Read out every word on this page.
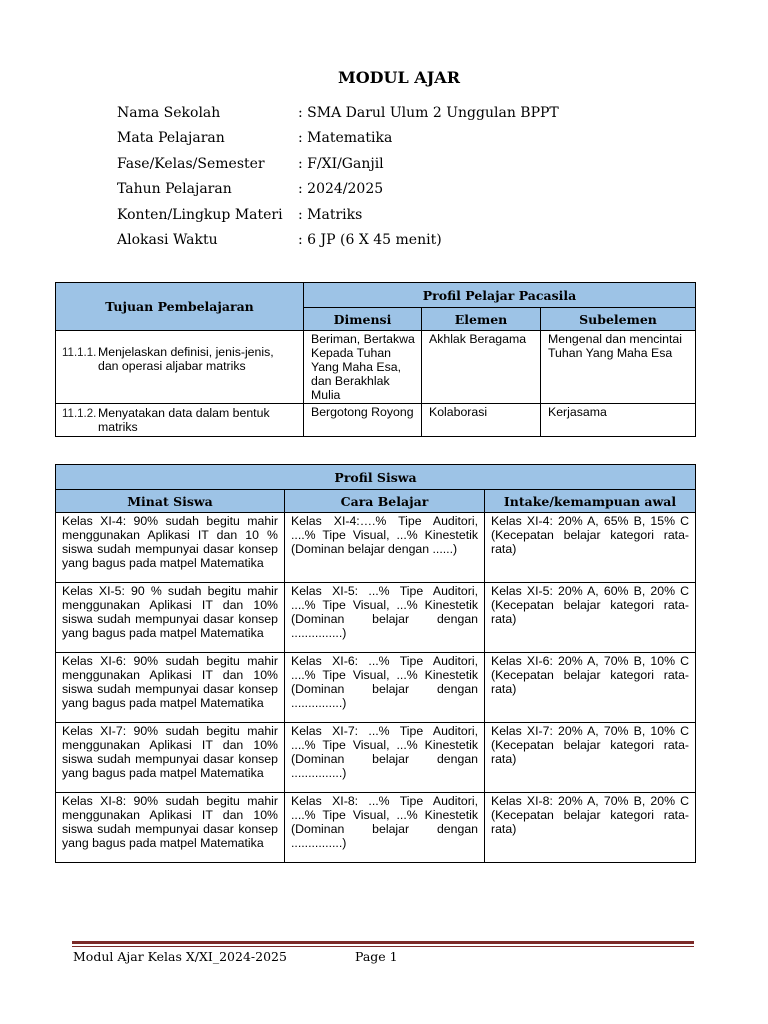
MODUL AJAR
Nama Sekolah	: SMA Darul Ulum 2 Unggulan BPPT
Mata Pelajaran	: Matematika
Fase/Kelas/Semester	: F/XI/Ganjil
Tahun Pelajaran	: 2024/2025
Konten/Lingkup Materi	: Matriks
Alokasi Waktu	: 6 JP (6 X 45 menit)
Tujuan Pembelajaran	Profil Pelajar Pacasila		
	Dimensi	Elemen	Subelemen

11.1.1. Menjelaskan definisi, jenis-jenis, dan operasi aljabar matriks	Beriman, Bertakwa Kepada Tuhan Yang Maha Esa, dan Berakhlak Mulia	Akhlak Beragama	Mengenal dan mencintai Tuhan Yang Maha Esa

11.1.2. Menyatakan data dalam bentuk matriks	Bergotong Royong	Kolaborasi	Kerjasama
Profil Siswa		
Minat Siswa	Cara Belajar	Intake/kemampuan awal
Kelas XI-4: 90% sudah begitu mahir menggunakan Aplikasi IT dan 10 % siswa sudah mempunyai dasar konsep yang bagus pada matpel Matematika	Kelas XI-4:….% Tipe Auditori, ....% Tipe Visual, ...% Kinestetik (Dominan belajar dengan ......)	Kelas XI-4: 20% A, 65% B, 15% C (Kecepatan belajar kategori rata-rata)
Kelas XI-5: 90 % sudah begitu mahir menggunakan Aplikasi IT dan 10% siswa sudah mempunyai dasar konsep yang bagus pada matpel Matematika	Kelas XI-5: ...% Tipe Auditori, ....% Tipe Visual, ...% Kinestetik (Dominan belajar dengan ...............)	Kelas XI-5: 20% A, 60% B, 20% C (Kecepatan belajar kategori rata-rata)
Kelas XI-6: 90% sudah begitu mahir menggunakan Aplikasi IT dan 10% siswa sudah mempunyai dasar konsep yang bagus pada matpel Matematika	Kelas XI-6: ...% Tipe Auditori, ....% Tipe Visual, ...% Kinestetik (Dominan belajar dengan ...............)	Kelas XI-6: 20% A, 70% B, 10% C (Kecepatan belajar kategori rata-rata)
Kelas XI-7: 90% sudah begitu mahir menggunakan Aplikasi IT dan 10% siswa sudah mempunyai dasar konsep yang bagus pada matpel Matematika	Kelas XI-7: ...% Tipe Auditori, ....% Tipe Visual, ...% Kinestetik (Dominan belajar dengan ...............)	Kelas XI-7: 20% A, 70% B, 10% C (Kecepatan belajar kategori rata-rata)
Kelas XI-8: 90% sudah begitu mahir menggunakan Aplikasi IT dan 10% siswa sudah mempunyai dasar konsep yang bagus pada matpel Matematika	Kelas XI-8: ...% Tipe Auditori, ....% Tipe Visual, ...% Kinestetik (Dominan belajar dengan ...............)	Kelas XI-8: 20% A, 70% B, 20% C (Kecepatan belajar kategori rata-rata)
Modul Ajar Kelas X/XI_2024-2025	Page 1
